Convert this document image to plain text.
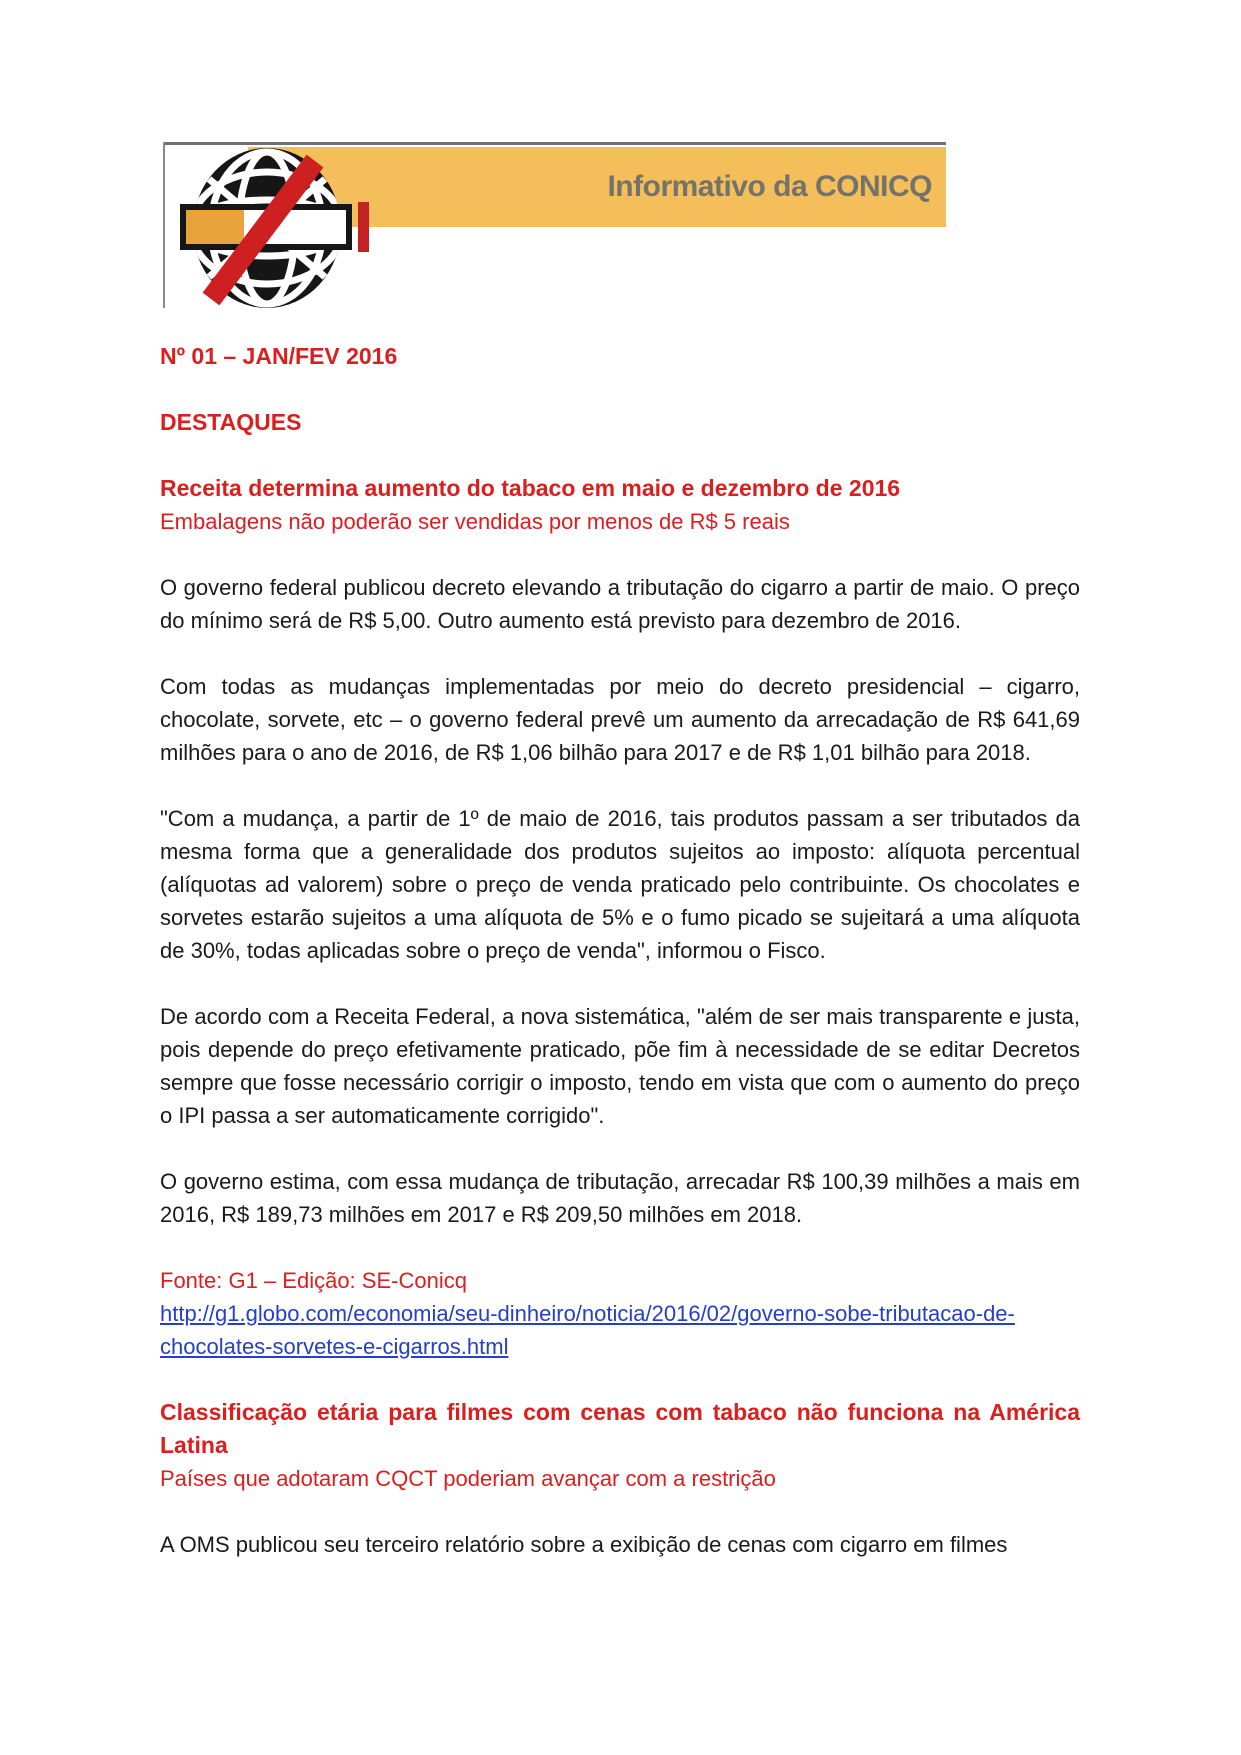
Informativo da CONICQ

Nº 01 – JAN/FEV 2016

DESTAQUES

Receita determina aumento do tabaco em maio e dezembro de 2016

Embalagens não poderão ser vendidas por menos de R$ 5 reais

O governo federal publicou decreto elevando a tributação do cigarro a partir de maio. O preço do mínimo será de R$ 5,00. Outro aumento está previsto para dezembro de 2016.

Com todas as mudanças implementadas por meio do decreto presidencial – cigarro, chocolate, sorvete, etc – o governo federal prevê um aumento da arrecadação de R$ 641,69 milhões para o ano de 2016, de R$ 1,06 bilhão para 2017 e de R$ 1,01 bilhão para 2018.

"Com a mudança, a partir de 1º de maio de 2016, tais produtos passam a ser tributados da mesma forma que a generalidade dos produtos sujeitos ao imposto: alíquota percentual (alíquotas ad valorem) sobre o preço de venda praticado pelo contribuinte. Os chocolates e sorvetes estarão sujeitos a uma alíquota de 5% e o fumo picado se sujeitará a uma alíquota de 30%, todas aplicadas sobre o preço de venda", informou o Fisco.

De acordo com a Receita Federal, a nova sistemática, "além de ser mais transparente e justa, pois depende do preço efetivamente praticado, põe fim à necessidade de se editar Decretos sempre que fosse necessário corrigir o imposto, tendo em vista que com o aumento do preço o IPI passa a ser automaticamente corrigido".

O governo estima, com essa mudança de tributação, arrecadar R$ 100,39 milhões a mais em 2016, R$ 189,73 milhões em 2017 e R$ 209,50 milhões em 2018.

Fonte: G1 – Edição: SE-Conicq

http://g1.globo.com/economia/seu-dinheiro/noticia/2016/02/governo-sobe-tributacao-de-chocolates-sorvetes-e-cigarros.html

Classificação etária para filmes com cenas com tabaco não funciona na América Latina

Países que adotaram CQCT poderiam avançar com a restrição

A OMS publicou seu terceiro relatório sobre a exibição de cenas com cigarro em filmes
